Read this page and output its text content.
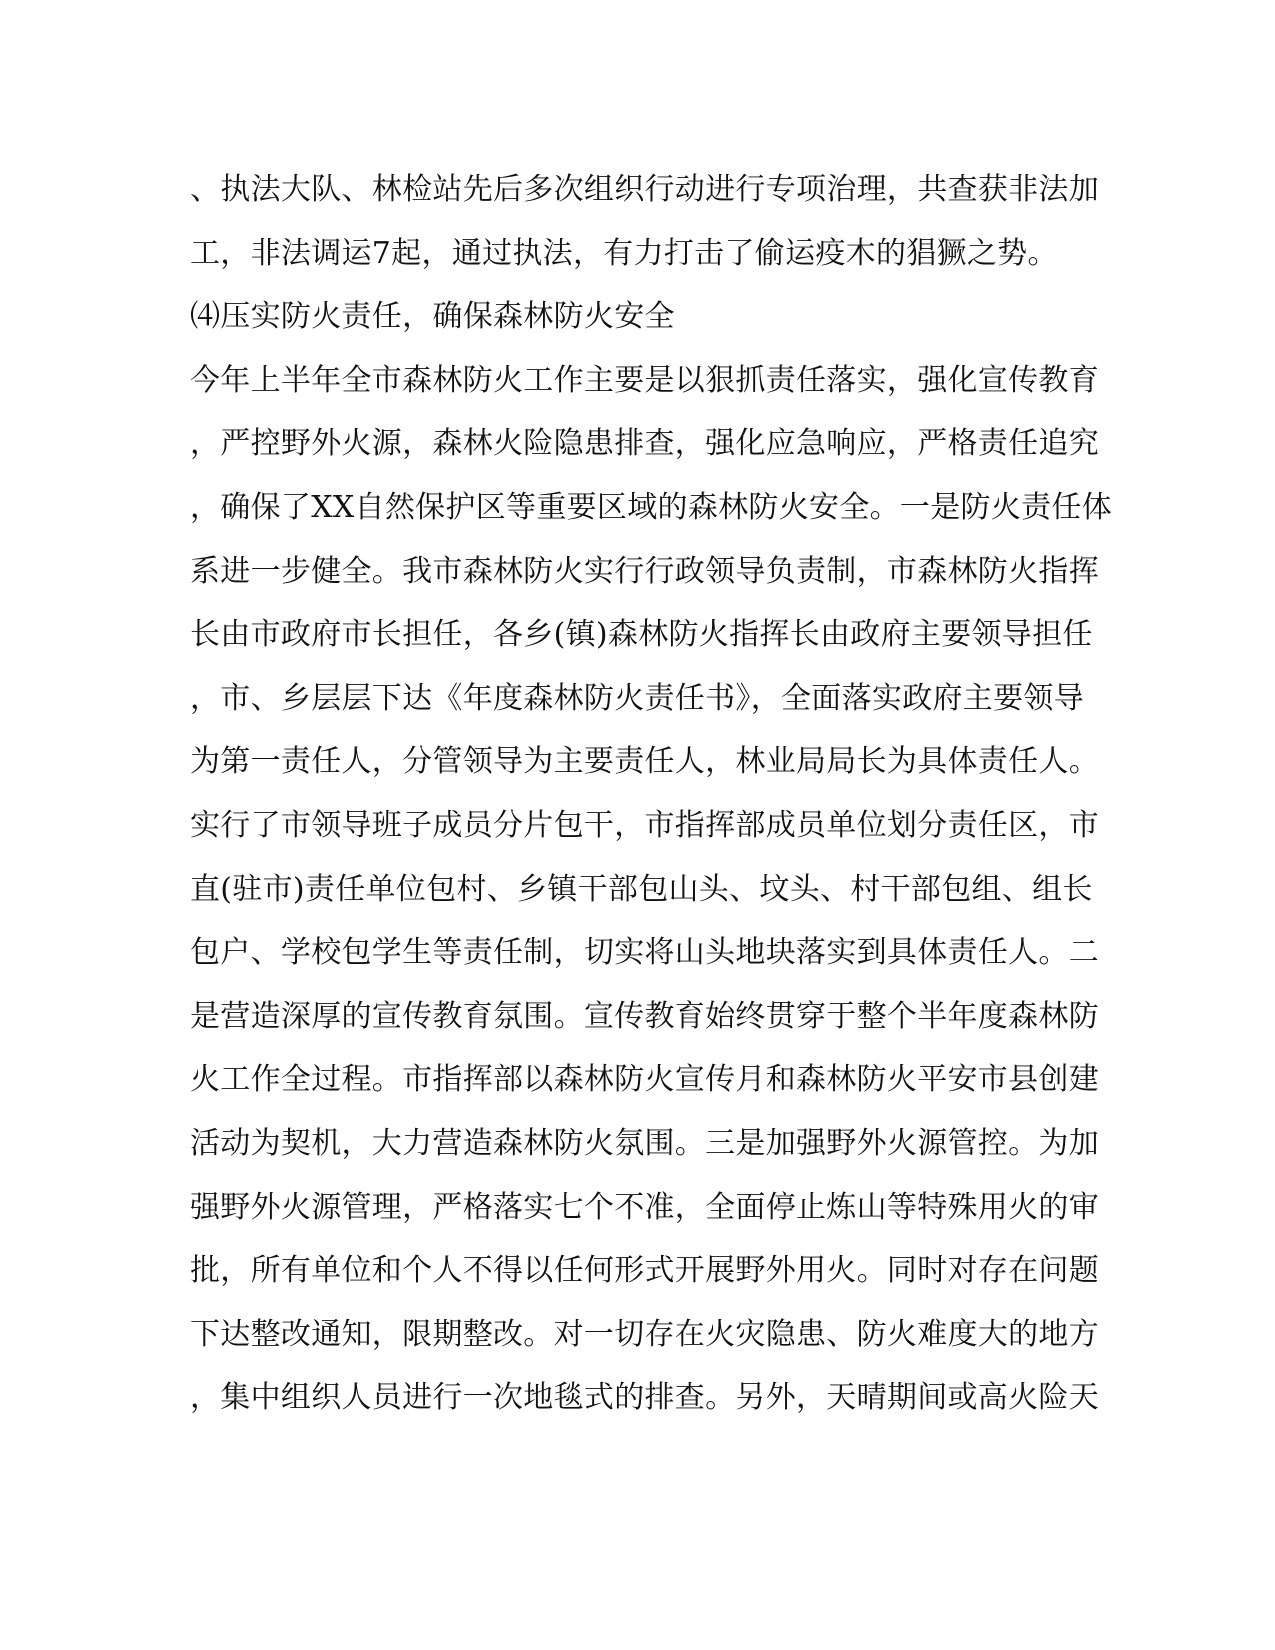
、执法大队、林检站先后多次组织行动进行专项治理，共查获非法加
工，非法调运7起，通过执法，有力打击了偷运疫木的猖獗之势。
⑷压实防火责任，确保森林防火安全
今年上半年全市森林防火工作主要是以狠抓责任落实，强化宣传教育
，严控野外火源，森林火险隐患排查，强化应急响应，严格责任追究
，确保了XX自然保护区等重要区域的森林防火安全。一是防火责任体
系进一步健全。我市森林防火实行行政领导负责制，市森林防火指挥
长由市政府市长担任，各乡(镇)森林防火指挥长由政府主要领导担任
，市、乡层层下达《年度森林防火责任书》，全面落实政府主要领导
为第一责任人，分管领导为主要责任人，林业局局长为具体责任人。
实行了市领导班子成员分片包干，市指挥部成员单位划分责任区，市
直(驻市)责任单位包村、乡镇干部包山头、坟头、村干部包组、组长
包户、学校包学生等责任制，切实将山头地块落实到具体责任人。二
是营造深厚的宣传教育氛围。宣传教育始终贯穿于整个半年度森林防
火工作全过程。市指挥部以森林防火宣传月和森林防火平安市县创建
活动为契机，大力营造森林防火氛围。三是加强野外火源管控。为加
强野外火源管理，严格落实七个不准，全面停止炼山等特殊用火的审
批，所有单位和个人不得以任何形式开展野外用火。同时对存在问题
下达整改通知，限期整改。对一切存在火灾隐患、防火难度大的地方
，集中组织人员进行一次地毯式的排查。另外，天晴期间或高火险天
